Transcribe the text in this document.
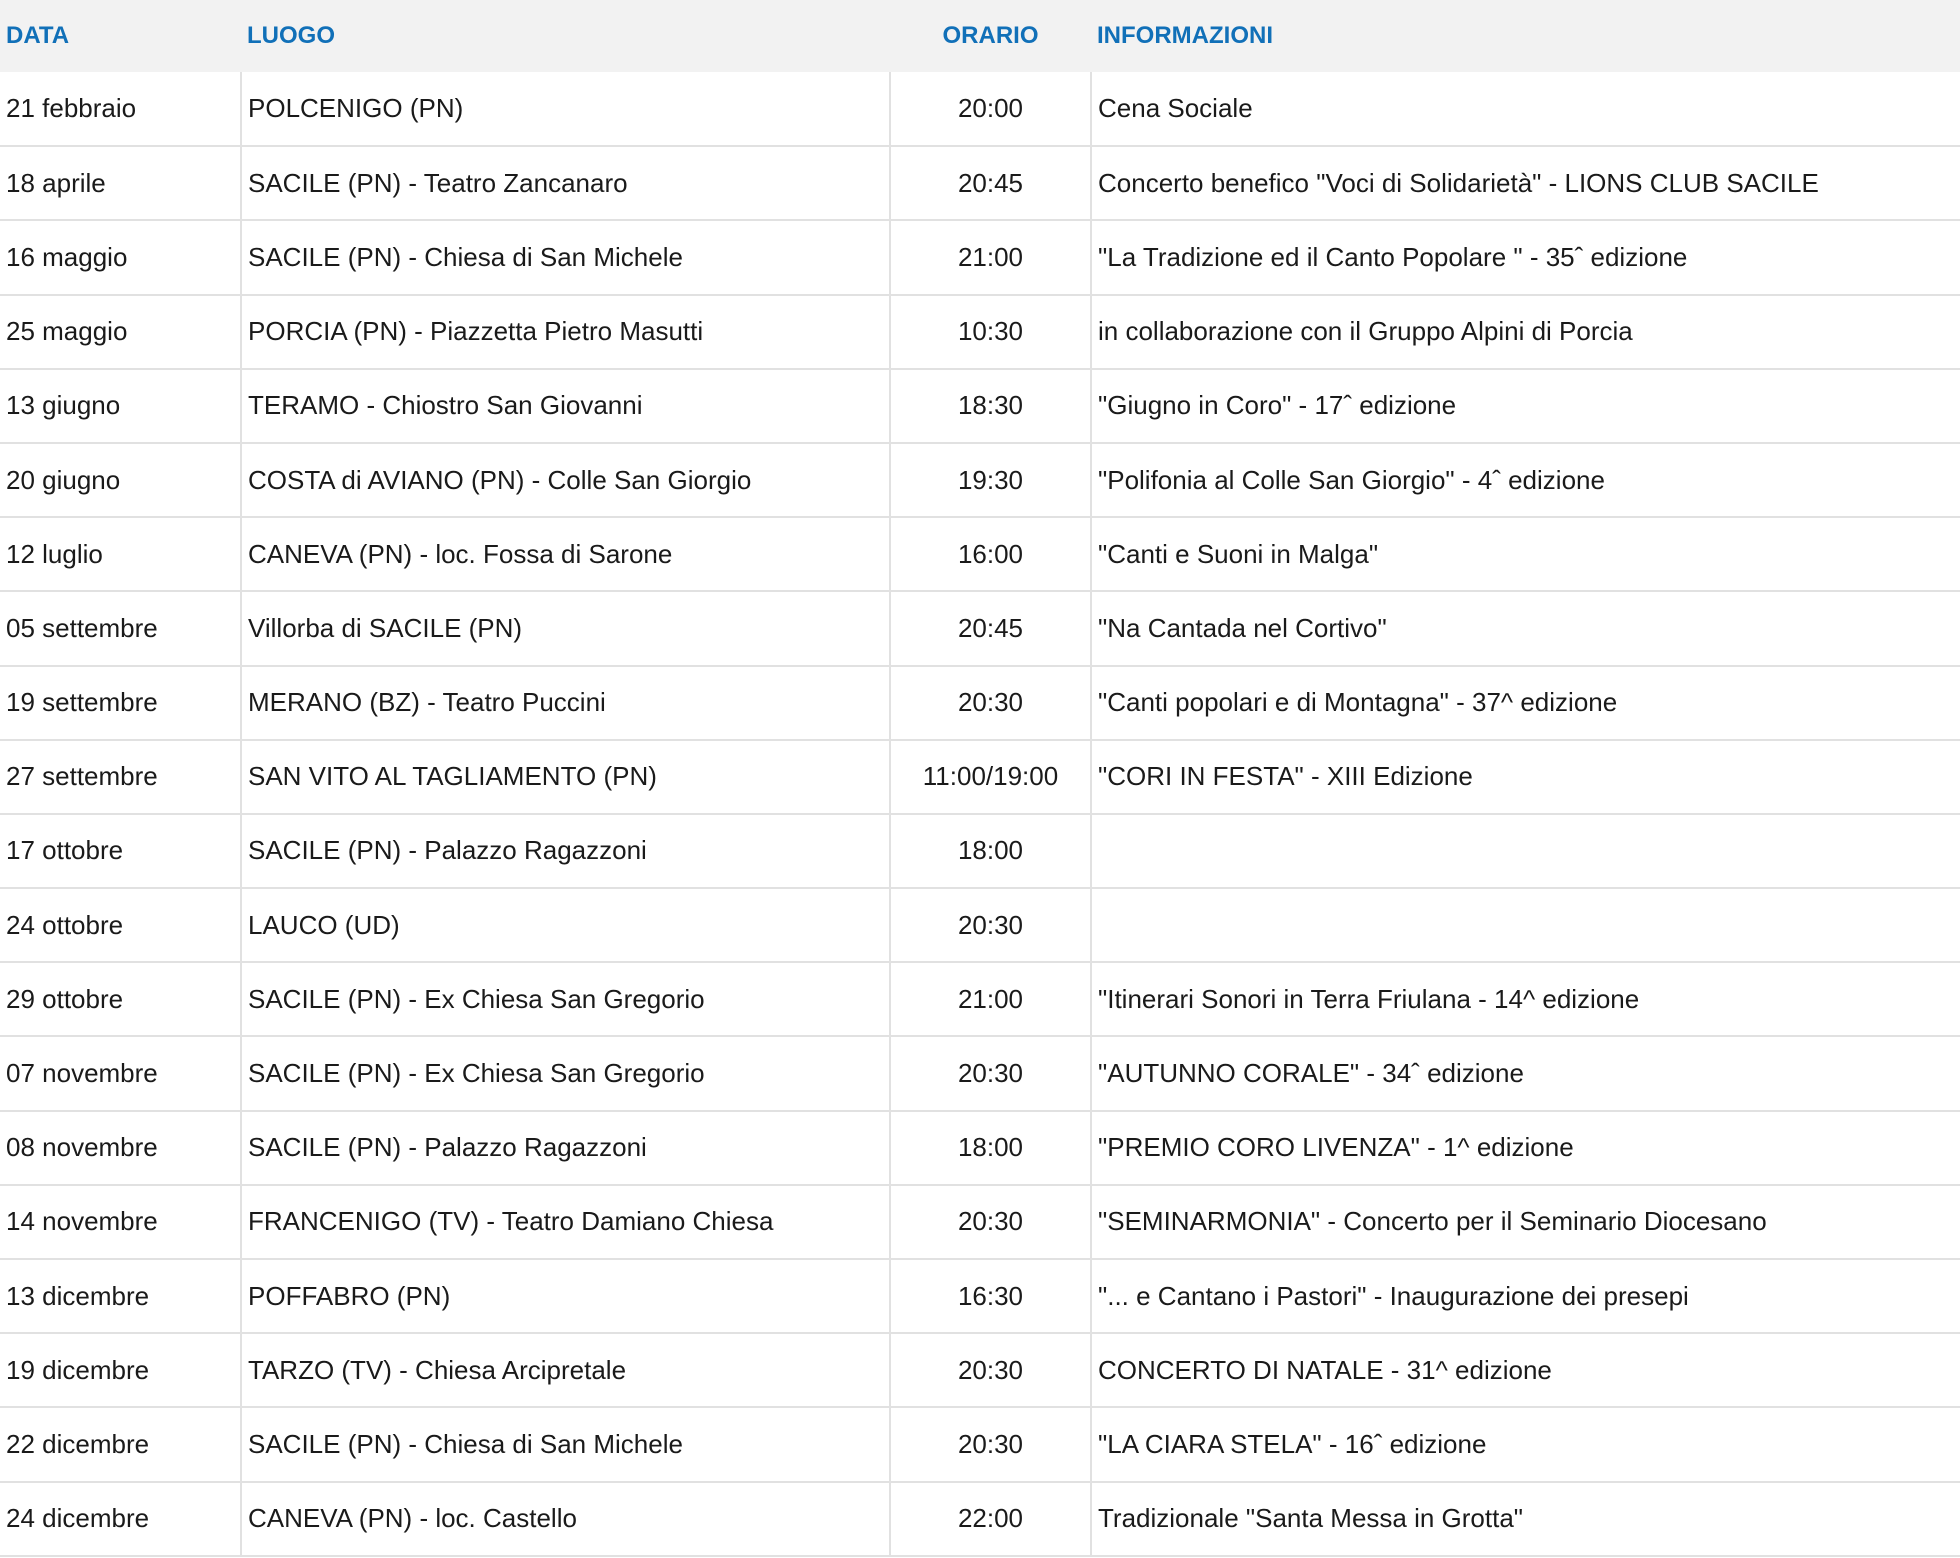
DATA	LUOGO	ORARIO	INFORMAZIONI
21 febbraio	POLCENIGO (PN)	20:00	Cena Sociale
18 aprile	SACILE (PN) - Teatro Zancanaro	20:45	Concerto benefico "Voci di Solidarietà" - LIONS CLUB SACILE
16 maggio	SACILE (PN) - Chiesa di San Michele	21:00	"La Tradizione ed il Canto Popolare " - 35ˆ edizione
25 maggio	PORCIA (PN) - Piazzetta Pietro Masutti	10:30	in collaborazione con il Gruppo Alpini di Porcia
13 giugno	TERAMO - Chiostro San Giovanni	18:30	"Giugno in Coro" - 17ˆ edizione
20 giugno	COSTA di AVIANO (PN) - Colle San Giorgio	19:30	"Polifonia al Colle San Giorgio" - 4ˆ edizione
12 luglio	CANEVA (PN) - loc. Fossa di Sarone	16:00	"Canti e Suoni in Malga"
05 settembre	Villorba di SACILE (PN)	20:45	"Na Cantada nel Cortivo"
19 settembre	MERANO (BZ) - Teatro Puccini	20:30	"Canti popolari e di Montagna" - 37^ edizione
27 settembre	SAN VITO AL TAGLIAMENTO (PN)	11:00/19:00	"CORI IN FESTA" - XIII Edizione
17 ottobre	SACILE (PN) - Palazzo Ragazzoni	18:00	
24 ottobre	LAUCO (UD)	20:30	
29 ottobre	SACILE (PN) - Ex Chiesa San Gregorio	21:00	"Itinerari Sonori in Terra Friulana - 14^ edizione
07 novembre	SACILE (PN) - Ex Chiesa San Gregorio	20:30	"AUTUNNO CORALE" - 34ˆ edizione
08 novembre	SACILE (PN) - Palazzo Ragazzoni	18:00	"PREMIO CORO LIVENZA" - 1^ edizione
14 novembre	FRANCENIGO (TV) - Teatro Damiano Chiesa	20:30	"SEMINARMONIA" - Concerto per il Seminario Diocesano
13 dicembre	POFFABRO (PN)	16:30	"... e Cantano i Pastori" - Inaugurazione dei presepi
19 dicembre	TARZO (TV) - Chiesa Arcipretale	20:30	CONCERTO DI NATALE - 31^ edizione
22 dicembre	SACILE (PN) - Chiesa di San Michele	20:30	"LA CIARA STELA" - 16ˆ edizione
24 dicembre	CANEVA (PN) - loc. Castello	22:00	Tradizionale "Santa Messa in Grotta"
